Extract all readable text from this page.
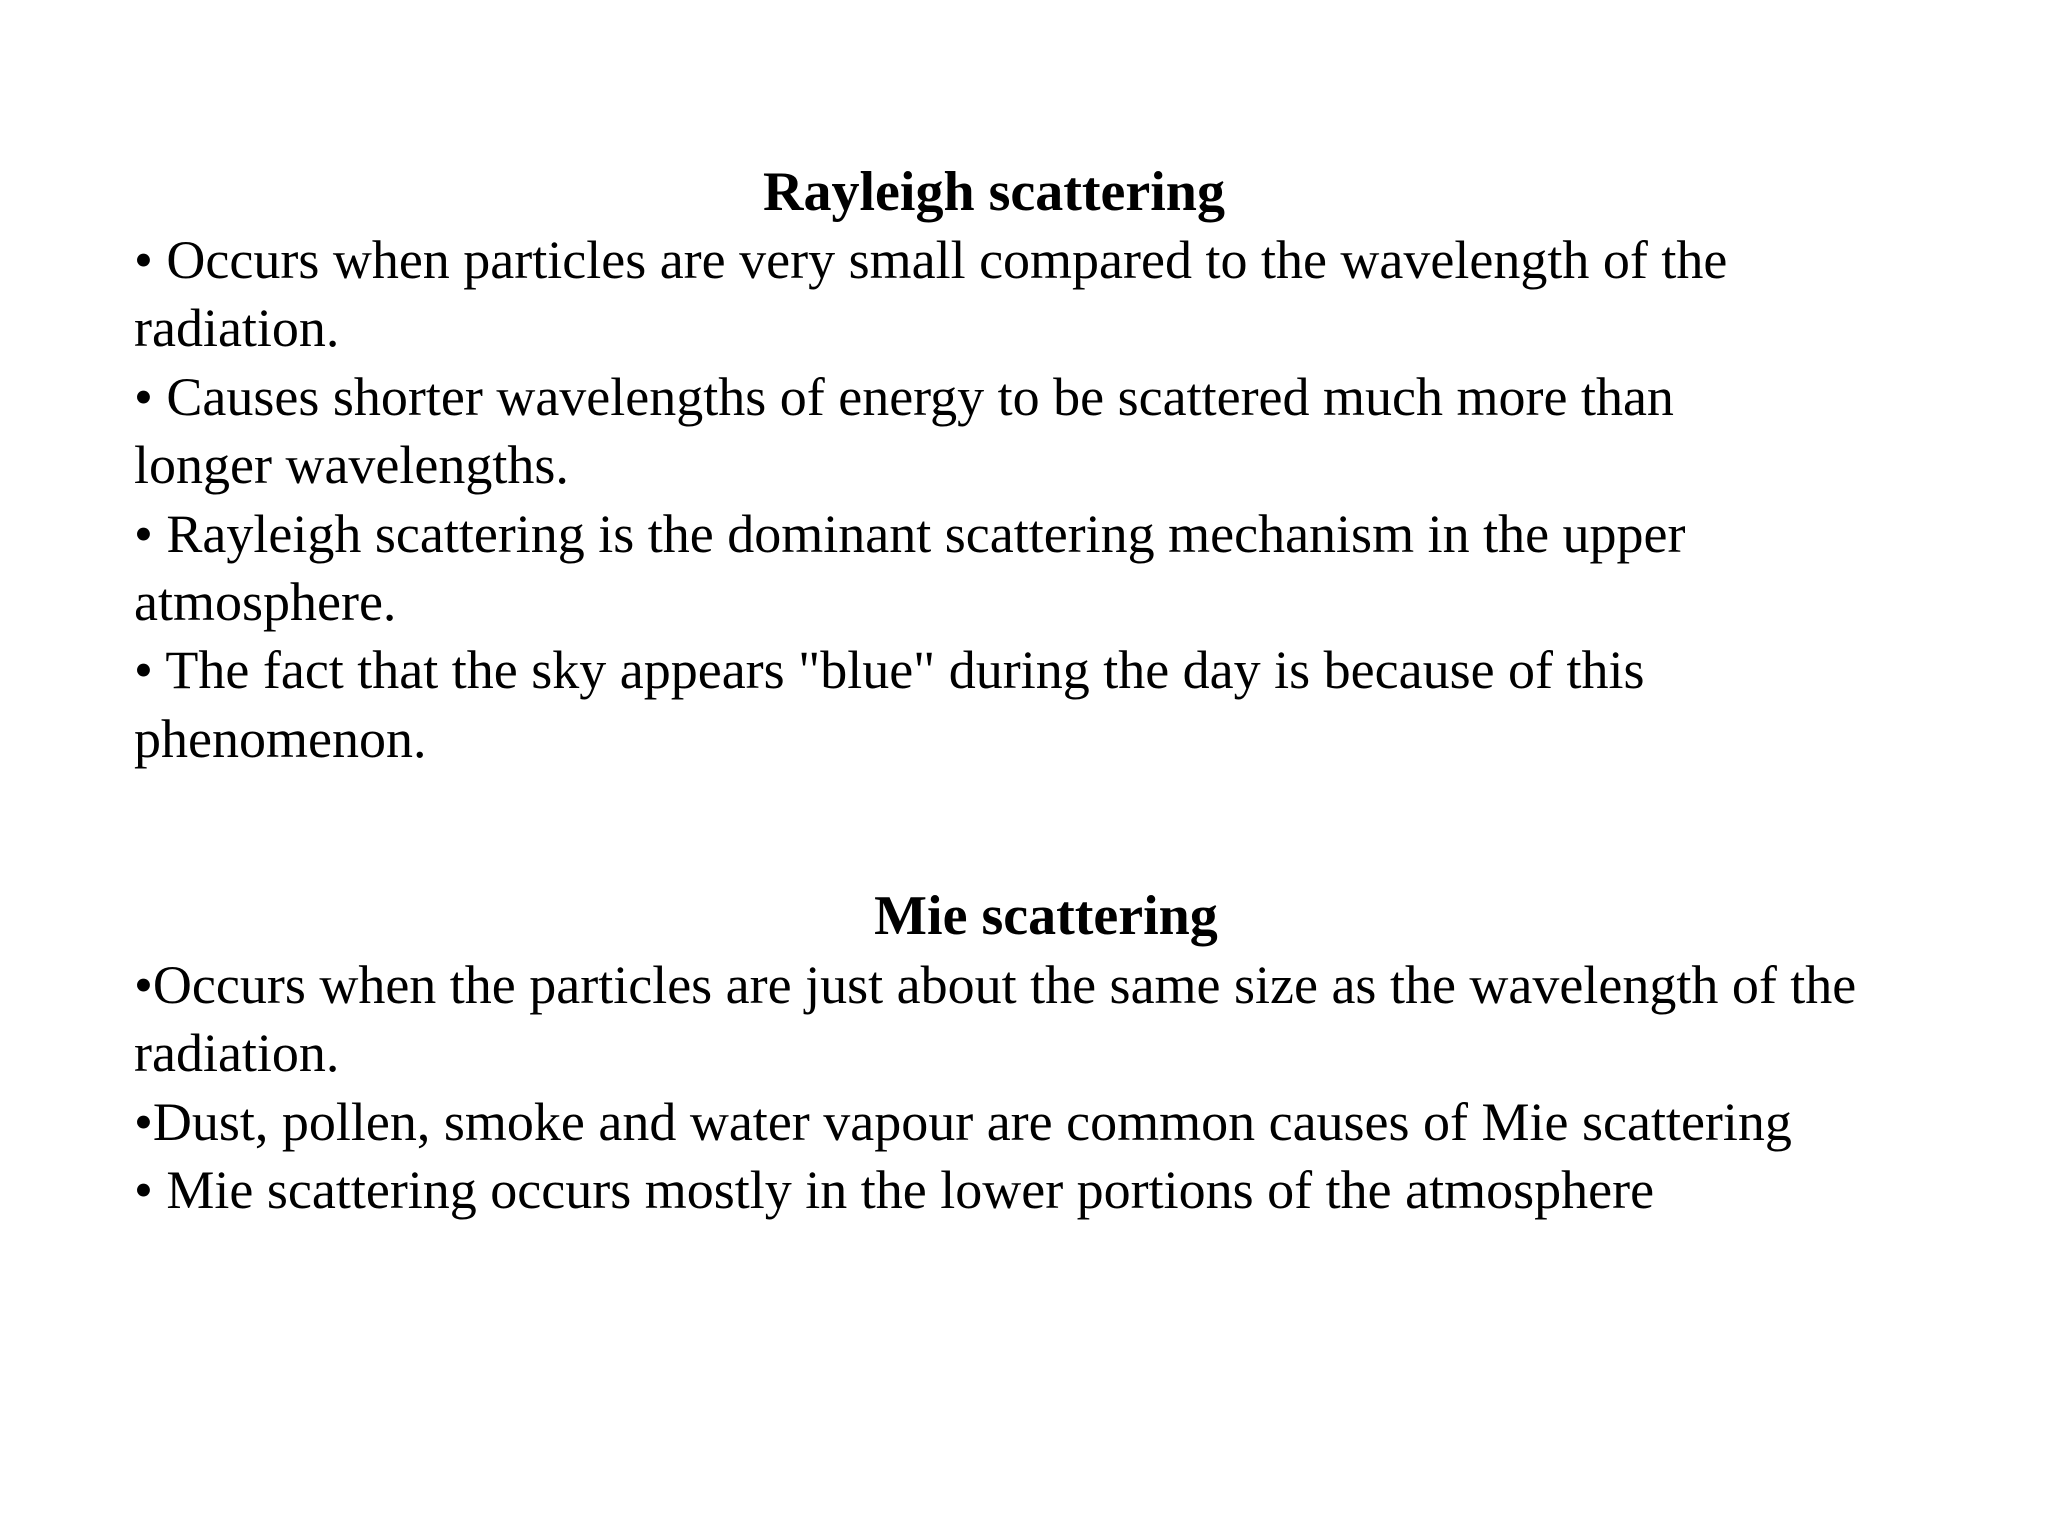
Rayleigh scattering
• Occurs when particles are very small compared to the wavelength of the
radiation.
• Causes shorter wavelengths of energy to be scattered much more than
longer wavelengths.
• Rayleigh scattering is the dominant scattering mechanism in the upper
atmosphere.
• The fact that the sky appears "blue" during the day is because of this
phenomenon.
Mie scattering
•Occurs when the particles are just about the same size as the wavelength of the
radiation.
•Dust, pollen, smoke and water vapour are common causes of Mie scattering
• Mie scattering occurs mostly in the lower portions of the atmosphere
